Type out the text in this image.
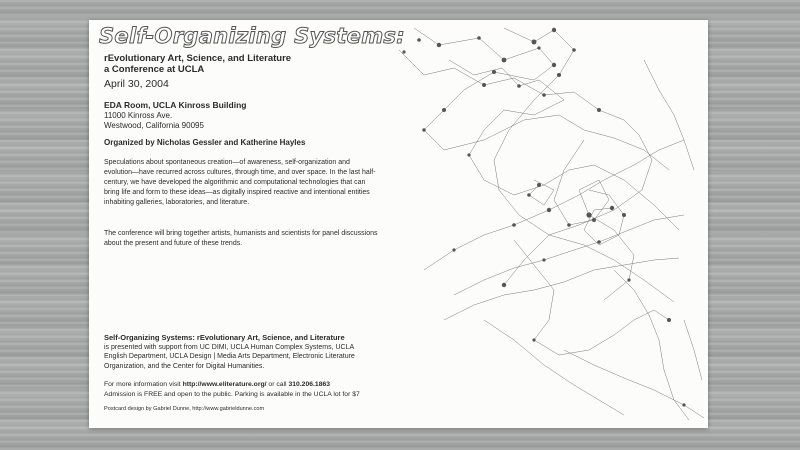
Self-Organizing Systems:
rEvolutionary Art, Science, and Literature
a Conference at UCLA
April 30, 2004
EDA Room, UCLA Kinross Building
11000 Kinross Ave.
Westwood, California 90095
Organized by Nicholas Gessler and Katherine Hayles

Speculations about spontaneous creation—of awareness, self-organization and evolution—have recurred across cultures, through time, and over space. In the last half-century, we have developed the algorithmic and computational technologies that can bring life and form to these ideas—as digitally inspired reactive and intentional entities inhabiting galleries, laboratories, and literature.

The conference will bring together artists, humanists and scientists for panel discussions about the present and future of these trends.

Self-Organizing Systems: rEvolutionary Art, Science, and Literature
is presented with support from UC DIMI, UCLA Human Complex Systems, UCLA English Department, UCLA Design | Media Arts Department, Electronic Literature Organization, and the Center for Digital Humanities.
For more information visit http://www.eliterature.org/ or call 310.206.1863
Admission is FREE and open to the public. Parking is available in the UCLA lot for $7
Postcard design by Gabriel Dunne, http://www.gabrieldunne.com
